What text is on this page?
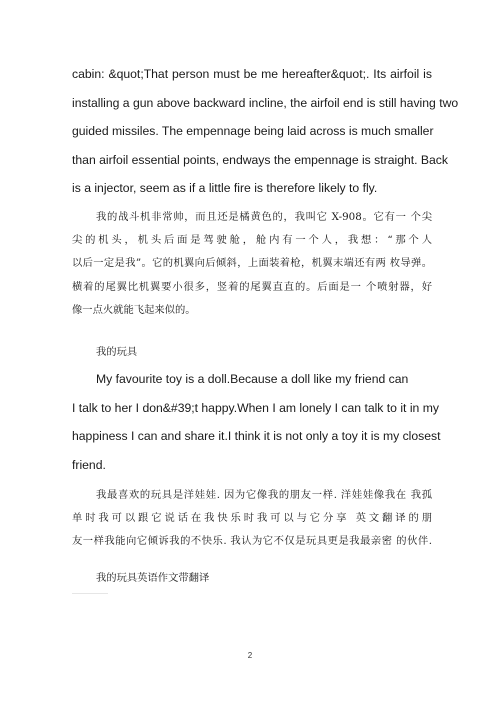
cabin: &quot;That person must be me hereafter&quot;. Its airfoil is
installing a gun above backward incline, the airfoil end is still having two
guided missiles. The empennage being laid across is much smaller
than airfoil essential points, endways the empennage is straight. Back
is a injector, seem as if a little fire is therefore likely to fly.
我的战斗机非常帅，而且还是橘黄色的，我叫它 X-908。它有一 个尖
尖的机头，机头后面是驾驶舱，舱内有一个人，我想：“那个人
以后一定是我”。它的机翼向后倾斜，上面装着枪，机翼末端还有两 枚导弹。
横着的尾翼比机翼要小很多，竖着的尾翼直直的。后面是一 个喷射器，好
像一点火就能飞起来似的。
我的玩具
My favourite toy is a doll.Because a doll like my friend can
I talk to her I don&#39;t happy.When I am lonely I can talk to it in my
happiness I can and share it.I think it is not only a toy it is my closest
friend.
我最喜欢的玩具是洋娃娃. 因为它像我的朋友一样. 洋娃娃像我在 我孤
单时我可以跟它说话在我快乐时我可以与它分享 英文翻译的朋
友一样我能向它倾诉我的不快乐. 我认为它不仅是玩具更是我最亲密 的伙伴.
我的玩具英语作文带翻译
2
